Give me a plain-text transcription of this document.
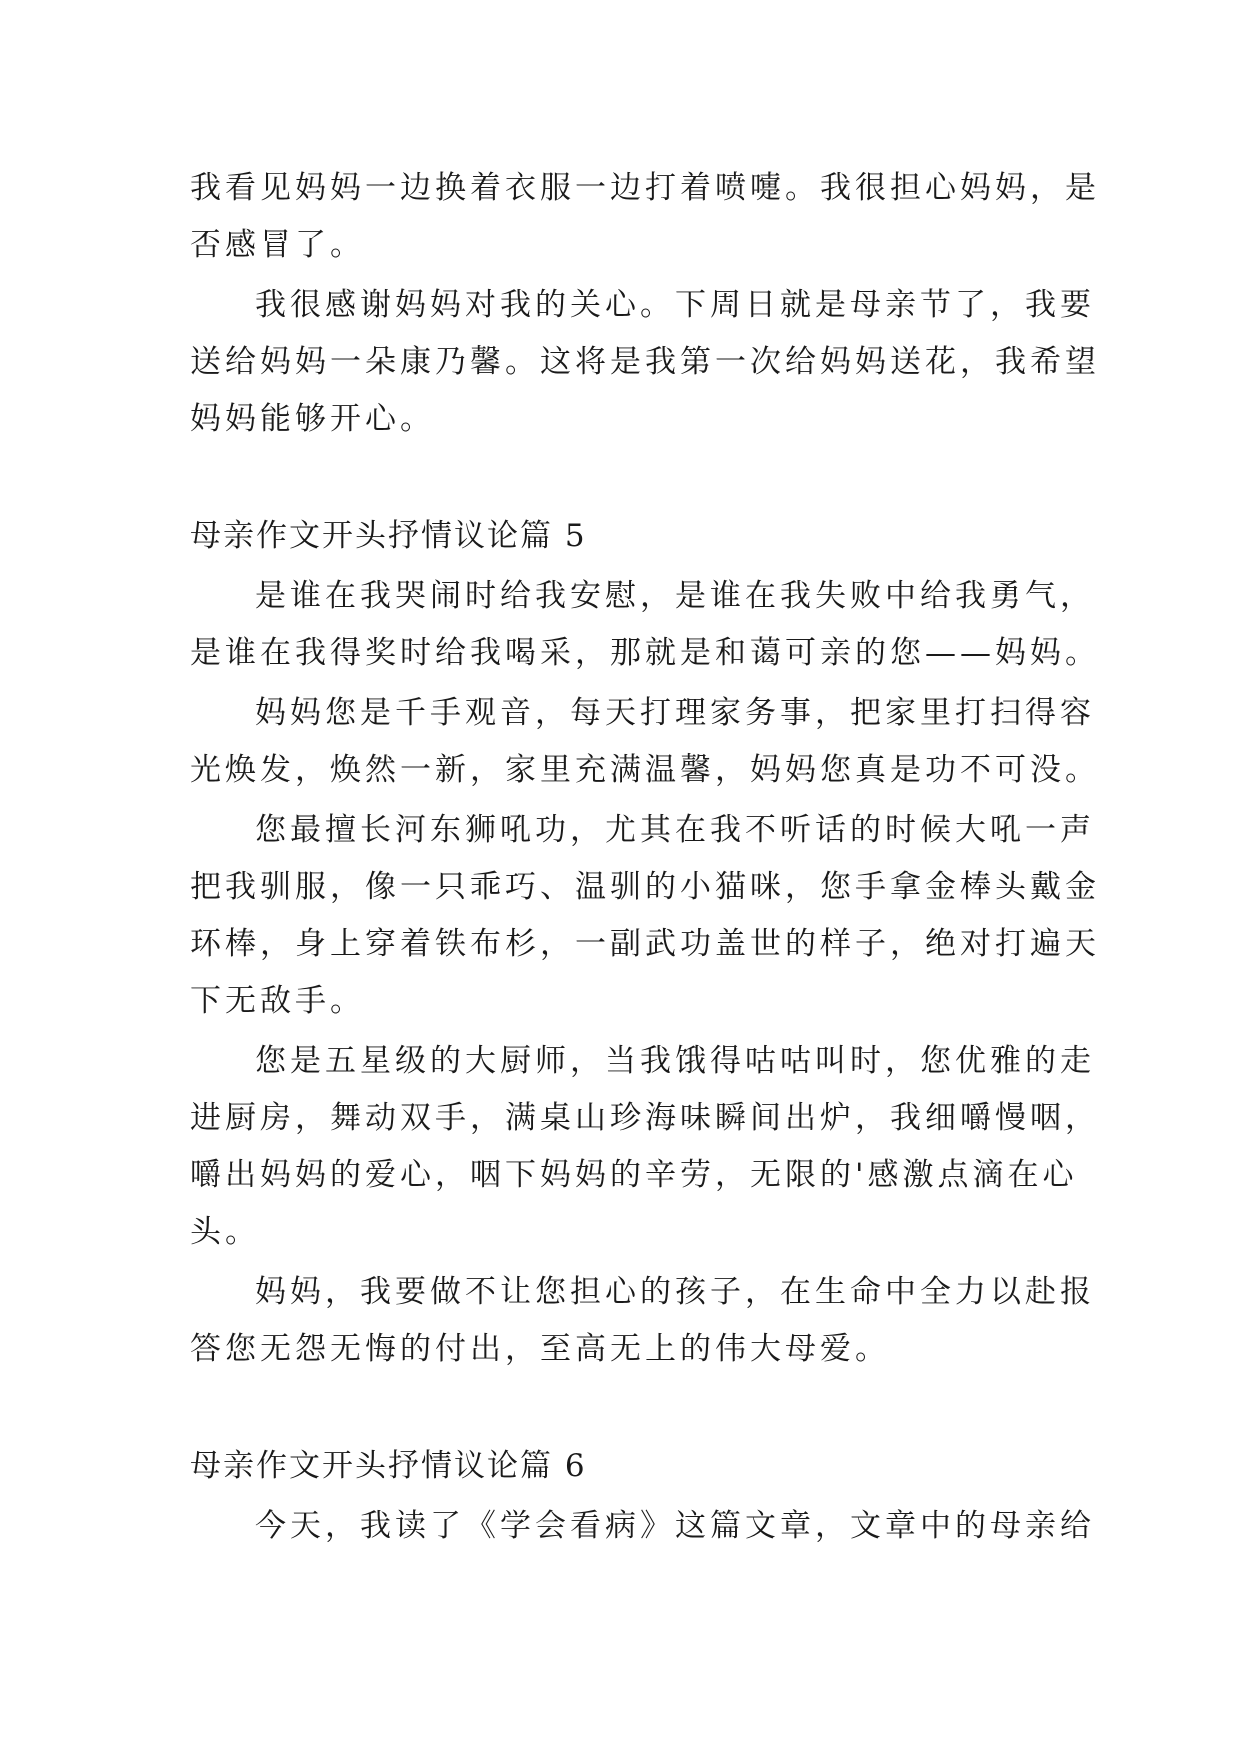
我看见妈妈一边换着衣服一边打着喷嚏。我很担心妈妈，是
否感冒了。
我很感谢妈妈对我的关心。下周日就是母亲节了，我要
送给妈妈一朵康乃馨。这将是我第一次给妈妈送花，我希望
妈妈能够开心。
母亲作文开头抒情议论篇 5
是谁在我哭闹时给我安慰，是谁在我失败中给我勇气，
是谁在我得奖时给我喝采，那就是和蔼可亲的您——妈妈。
妈妈您是千手观音，每天打理家务事，把家里打扫得容
光焕发，焕然一新，家里充满温馨，妈妈您真是功不可没。
您最擅长河东狮吼功，尤其在我不听话的时候大吼一声
把我驯服，像一只乖巧、温驯的小猫咪，您手拿金棒头戴金
环棒，身上穿着铁布杉，一副武功盖世的样子，绝对打遍天
下无敌手。
您是五星级的大厨师，当我饿得咕咕叫时，您优雅的走
进厨房，舞动双手，满桌山珍海味瞬间出炉，我细嚼慢咽，
嚼出妈妈的爱心，咽下妈妈的辛劳，无限的'感激点滴在心
头。
妈妈，我要做不让您担心的孩子，在生命中全力以赴报
答您无怨无悔的付出，至高无上的伟大母爱。
母亲作文开头抒情议论篇 6
今天，我读了《学会看病》这篇文章，文章中的母亲给
